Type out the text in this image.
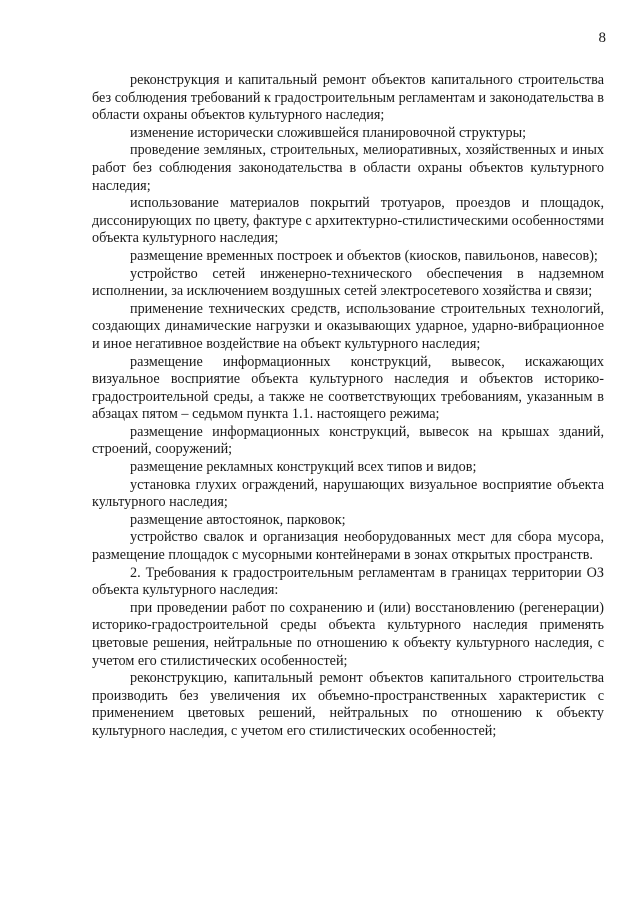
8

реконструкция и капитальный ремонт объектов капитального строительства без соблюдения требований к градостроительным регламентам и законодательства в области охраны объектов культурного наследия;

изменение исторически сложившейся планировочной структуры;

проведение земляных, строительных, мелиоративных, хозяйственных и иных работ без соблюдения законодательства в области охраны объектов культурного наследия;

использование материалов покрытий тротуаров, проездов и площадок, диссонирующих по цвету, фактуре с архитектурно-стилистическими особенностями объекта культурного наследия;

размещение временных построек и объектов (киосков, павильонов, навесов);

устройство сетей инженерно-технического обеспечения в надземном исполнении, за исключением воздушных сетей электросетевого хозяйства и связи;

применение технических средств, использование строительных технологий, создающих динамические нагрузки и оказывающих ударное, ударно-вибрационное и иное негативное воздействие на объект культурного наследия;

размещение информационных конструкций, вывесок, искажающих визуальное восприятие объекта культурного наследия и объектов историко-градостроительной среды, а также не соответствующих требованиям, указанным в абзацах пятом – седьмом пункта 1.1. настоящего режима;

размещение информационных конструкций, вывесок на крышах зданий, строений, сооружений;

размещение рекламных конструкций всех типов и видов;

установка глухих ограждений, нарушающих визуальное восприятие объекта культурного наследия;

размещение автостоянок, парковок;

устройство свалок и организация необорудованных мест для сбора мусора, размещение площадок с мусорными контейнерами в зонах открытых пространств.

2. Требования к градостроительным регламентам в границах территории ОЗ объекта культурного наследия:

при проведении работ по сохранению и (или) восстановлению (регенерации) историко-градостроительной среды объекта культурного наследия применять цветовые решения, нейтральные по отношению к объекту культурного наследия, с учетом его стилистических особенностей;

реконструкцию, капитальный ремонт объектов капитального строительства производить без увеличения их объемно-пространственных характеристик с применением цветовых решений, нейтральных по отношению к объекту культурного наследия, с учетом его стилистических особенностей;
